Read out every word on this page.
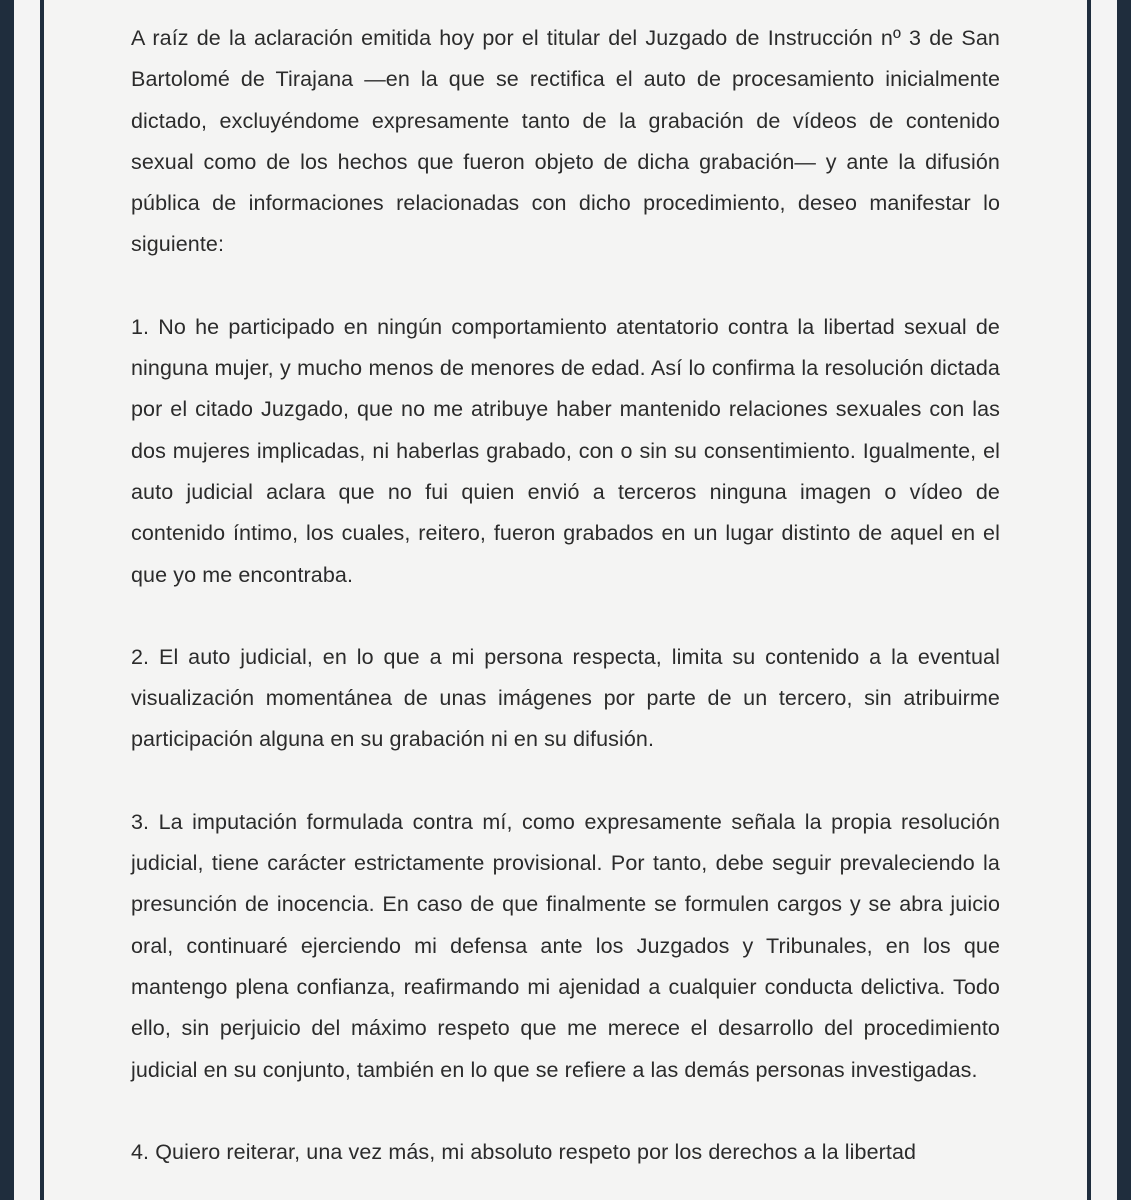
A raíz de la aclaración emitida hoy por el titular del Juzgado de Instrucción nº 3 de San Bartolomé de Tirajana —en la que se rectifica el auto de procesamiento inicialmente dictado, excluyéndome expresamente tanto de la grabación de vídeos de contenido sexual como de los hechos que fueron objeto de dicha grabación— y ante la difusión pública de informaciones relacionadas con dicho procedimiento, deseo manifestar lo siguiente:

1. No he participado en ningún comportamiento atentatorio contra la libertad sexual de ninguna mujer, y mucho menos de menores de edad. Así lo confirma la resolución dictada por el citado Juzgado, que no me atribuye haber mantenido relaciones sexuales con las dos mujeres implicadas, ni haberlas grabado, con o sin su consentimiento. Igualmente, el auto judicial aclara que no fui quien envió a terceros ninguna imagen o vídeo de contenido íntimo, los cuales, reitero, fueron grabados en un lugar distinto de aquel en el que yo me encontraba.

2. El auto judicial, en lo que a mi persona respecta, limita su contenido a la eventual visualización momentánea de unas imágenes por parte de un tercero, sin atribuirme participación alguna en su grabación ni en su difusión.

3. La imputación formulada contra mí, como expresamente señala la propia resolución judicial, tiene carácter estrictamente provisional. Por tanto, debe seguir prevaleciendo la presunción de inocencia. En caso de que finalmente se formulen cargos y se abra juicio oral, continuaré ejerciendo mi defensa ante los Juzgados y Tribunales, en los que mantengo plena confianza, reafirmando mi ajenidad a cualquier conducta delictiva. Todo ello, sin perjuicio del máximo respeto que me merece el desarrollo del procedimiento judicial en su conjunto, también en lo que se refiere a las demás personas investigadas.

4. Quiero reiterar, una vez más, mi absoluto respeto por los derechos a la libertad
